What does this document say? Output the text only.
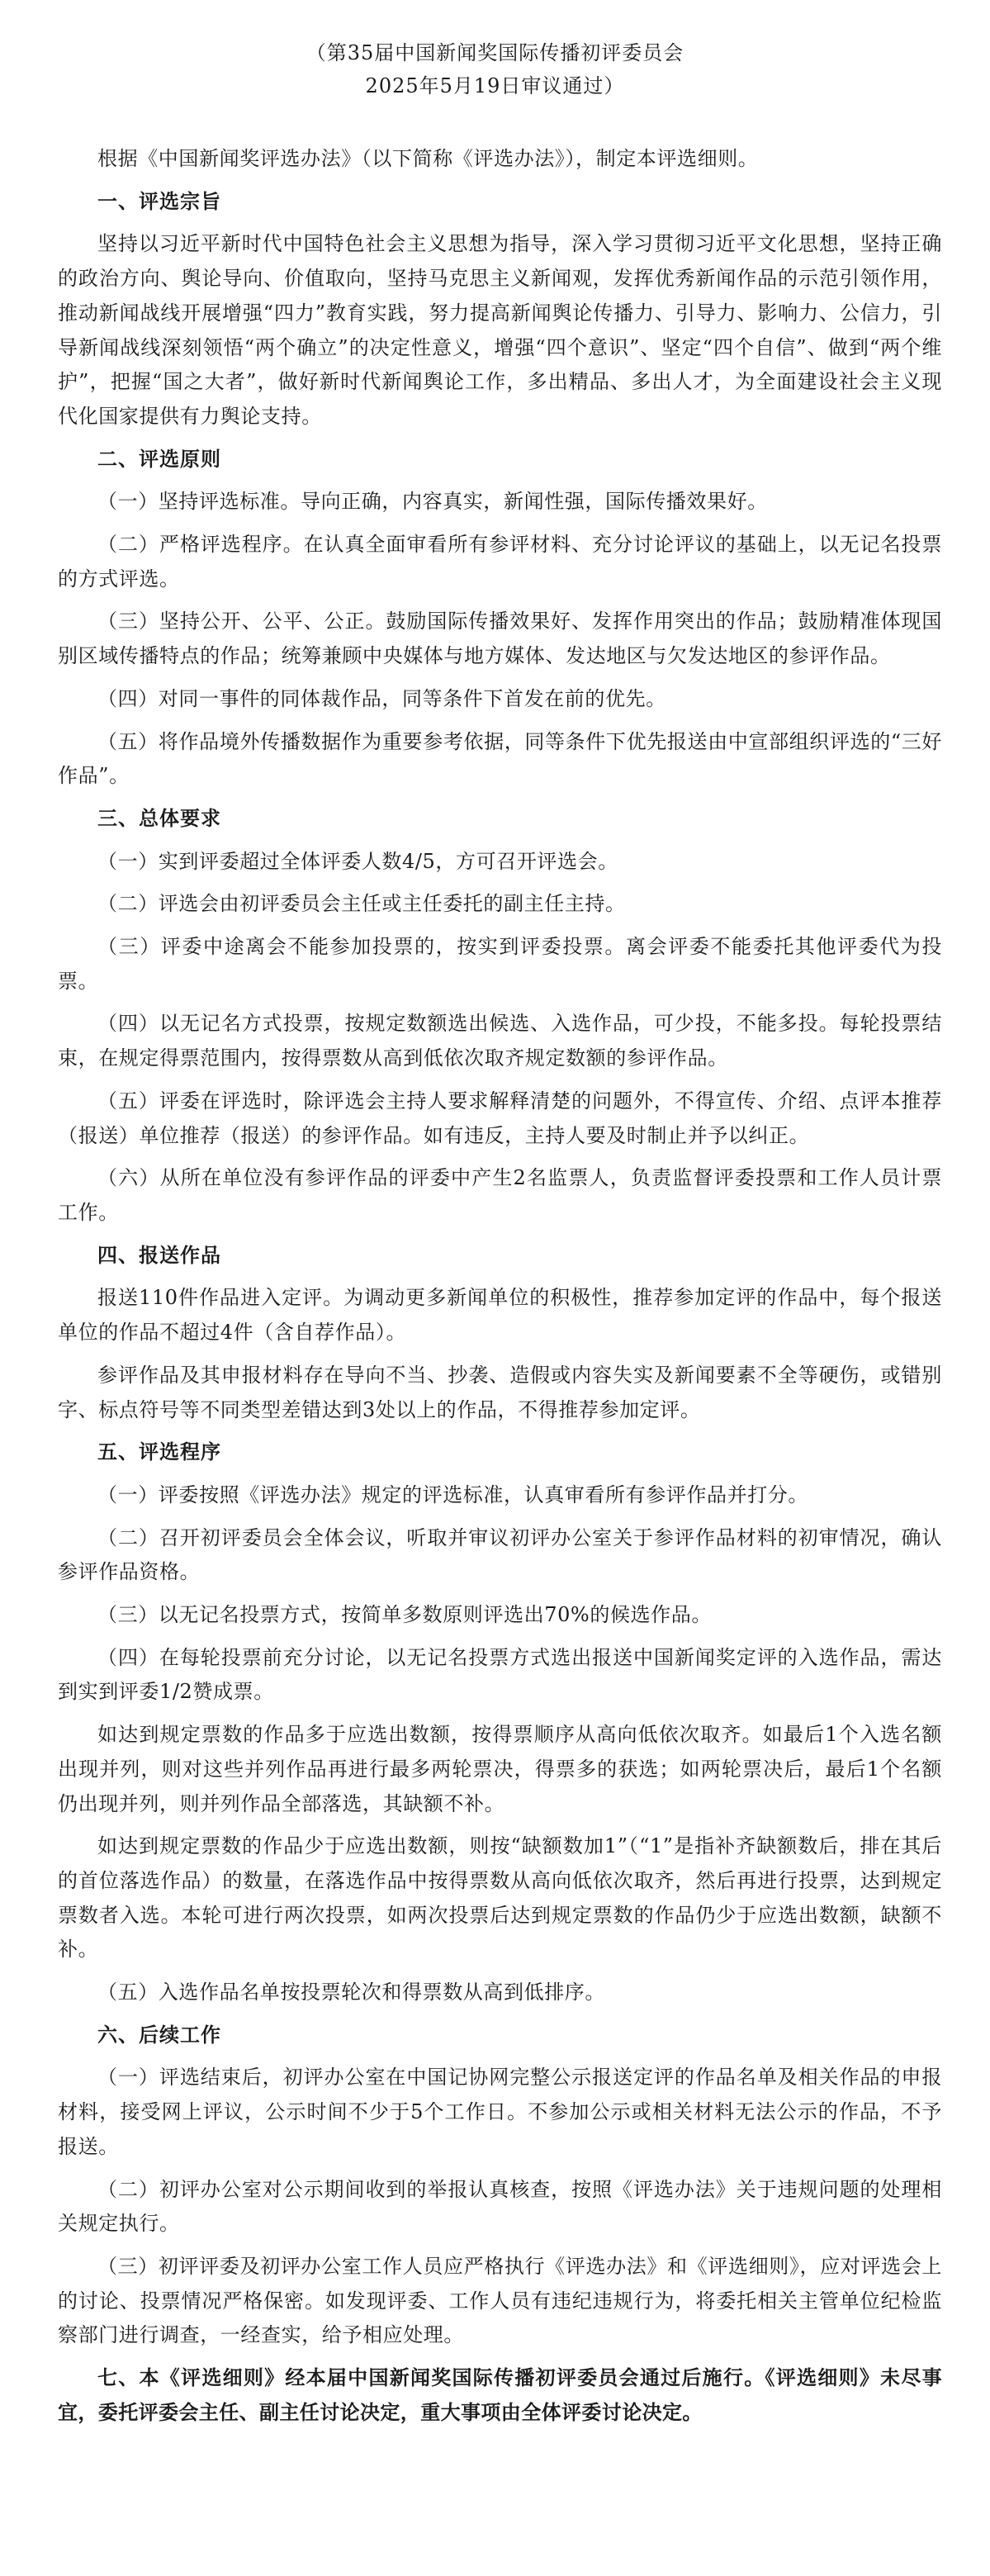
（第35届中国新闻奖国际传播初评委员会
2025年5月19日审议通过）

根据《中国新闻奖评选办法》（以下简称《评选办法》），制定本评选细则。

一、评选宗旨

坚持以习近平新时代中国特色社会主义思想为指导，深入学习贯彻习近平文化思想，坚持正确的政治方向、舆论导向、价值取向，坚持马克思主义新闻观，发挥优秀新闻作品的示范引领作用，推动新闻战线开展增强“四力”教育实践，努力提高新闻舆论传播力、引导力、影响力、公信力，引导新闻战线深刻领悟“两个确立”的决定性意义，增强“四个意识”、坚定“四个自信”、做到“两个维护”，把握“国之大者”，做好新时代新闻舆论工作，多出精品、多出人才，为全面建设社会主义现代化国家提供有力舆论支持。

二、评选原则

（一）坚持评选标准。导向正确，内容真实，新闻性强，国际传播效果好。

（二）严格评选程序。在认真全面审看所有参评材料、充分讨论评议的基础上，以无记名投票的方式评选。

（三）坚持公开、公平、公正。鼓励国际传播效果好、发挥作用突出的作品；鼓励精准体现国别区域传播特点的作品；统筹兼顾中央媒体与地方媒体、发达地区与欠发达地区的参评作品。

（四）对同一事件的同体裁作品，同等条件下首发在前的优先。

（五）将作品境外传播数据作为重要参考依据，同等条件下优先报送由中宣部组织评选的“三好作品”。

三、总体要求

（一）实到评委超过全体评委人数4/5，方可召开评选会。

（二）评选会由初评委员会主任或主任委托的副主任主持。

（三）评委中途离会不能参加投票的，按实到评委投票。离会评委不能委托其他评委代为投票。

（四）以无记名方式投票，按规定数额选出候选、入选作品，可少投，不能多投。每轮投票结束，在规定得票范围内，按得票数从高到低依次取齐规定数额的参评作品。

（五）评委在评选时，除评选会主持人要求解释清楚的问题外，不得宣传、介绍、点评本推荐（报送）单位推荐（报送）的参评作品。如有违反，主持人要及时制止并予以纠正。

（六）从所在单位没有参评作品的评委中产生2名监票人，负责监督评委投票和工作人员计票工作。

四、报送作品

报送110件作品进入定评。为调动更多新闻单位的积极性，推荐参加定评的作品中，每个报送单位的作品不超过4件（含自荐作品）。

参评作品及其申报材料存在导向不当、抄袭、造假或内容失实及新闻要素不全等硬伤，或错别字、标点符号等不同类型差错达到3处以上的作品，不得推荐参加定评。

五、评选程序

（一）评委按照《评选办法》规定的评选标准，认真审看所有参评作品并打分。

（二）召开初评委员会全体会议，听取并审议初评办公室关于参评作品材料的初审情况，确认参评作品资格。

（三）以无记名投票方式，按简单多数原则评选出70%的候选作品。

（四）在每轮投票前充分讨论，以无记名投票方式选出报送中国新闻奖定评的入选作品，需达到实到评委1/2赞成票。

如达到规定票数的作品多于应选出数额，按得票顺序从高向低依次取齐。如最后1个入选名额出现并列，则对这些并列作品再进行最多两轮票决，得票多的获选；如两轮票决后，最后1个名额仍出现并列，则并列作品全部落选，其缺额不补。

如达到规定票数的作品少于应选出数额，则按“缺额数加1”（“1”是指补齐缺额数后，排在其后的首位落选作品）的数量，在落选作品中按得票数从高向低依次取齐，然后再进行投票，达到规定票数者入选。本轮可进行两次投票，如两次投票后达到规定票数的作品仍少于应选出数额，缺额不补。

（五）入选作品名单按投票轮次和得票数从高到低排序。

六、后续工作

（一）评选结束后，初评办公室在中国记协网完整公示报送定评的作品名单及相关作品的申报材料，接受网上评议，公示时间不少于5个工作日。不参加公示或相关材料无法公示的作品，不予报送。

（二）初评办公室对公示期间收到的举报认真核查，按照《评选办法》关于违规问题的处理相关规定执行。

（三）初评评委及初评办公室工作人员应严格执行《评选办法》和《评选细则》，应对评选会上的讨论、投票情况严格保密。如发现评委、工作人员有违纪违规行为，将委托相关主管单位纪检监察部门进行调查，一经查实，给予相应处理。

七、本《评选细则》经本届中国新闻奖国际传播初评委员会通过后施行。《评选细则》未尽事宜，委托评委会主任、副主任讨论决定，重大事项由全体评委讨论决定。
